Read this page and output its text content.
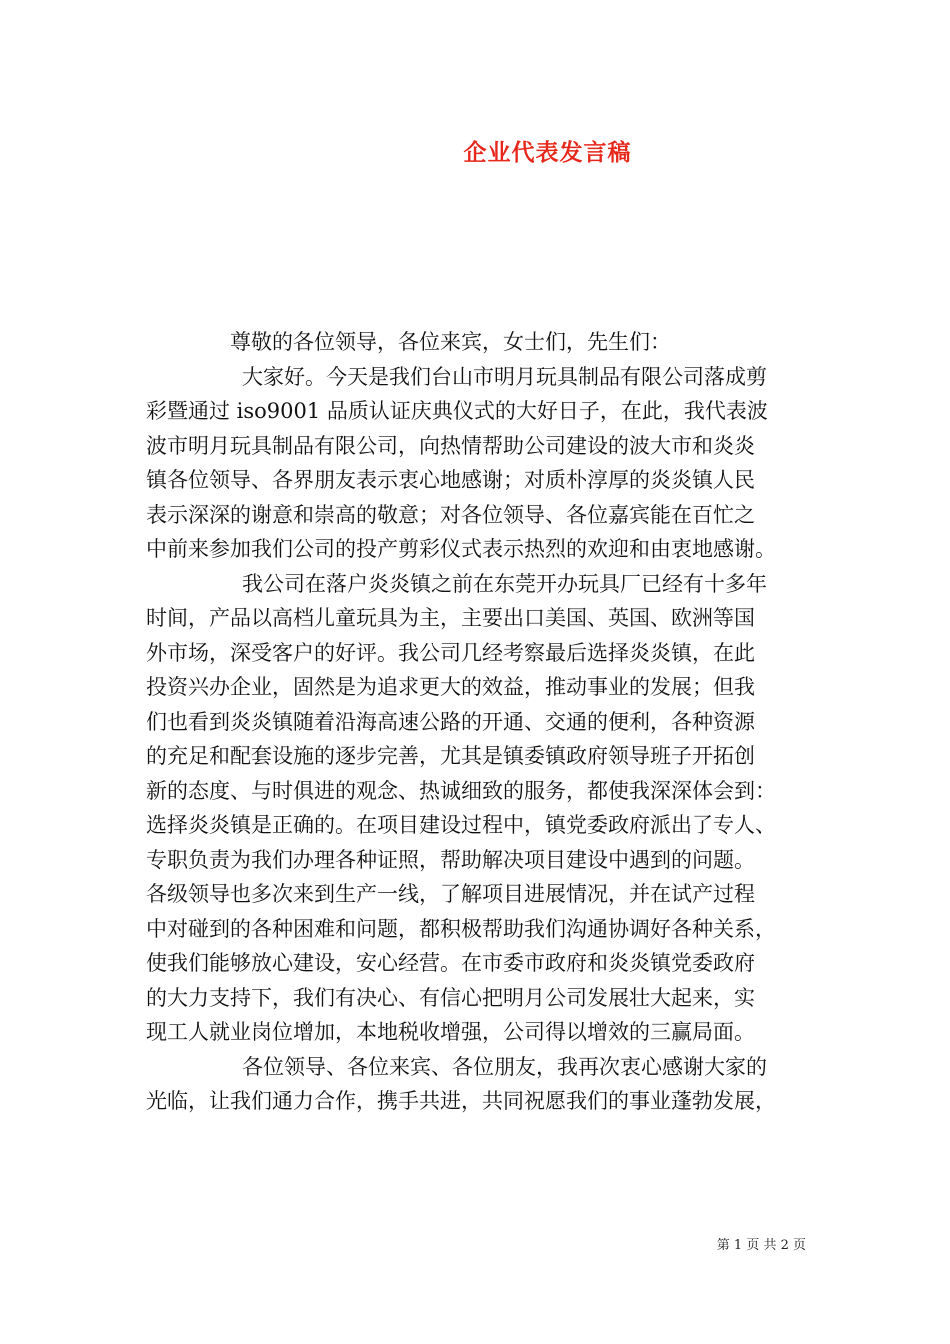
企业代表发言稿
尊敬的各位领导，各位来宾，女士们，先生们：
大家好。今天是我们台山市明月玩具制品有限公司落成剪
彩暨通过 iso9001 品质认证庆典仪式的大好日子，在此，我代表波
波市明月玩具制品有限公司，向热情帮助公司建设的波大市和炎炎
镇各位领导、各界朋友表示衷心地感谢；对质朴淳厚的炎炎镇人民
表示深深的谢意和崇高的敬意；对各位领导、各位嘉宾能在百忙之
中前来参加我们公司的投产剪彩仪式表示热烈的欢迎和由衷地感谢。
我公司在落户炎炎镇之前在东莞开办玩具厂已经有十多年
时间，产品以高档儿童玩具为主，主要出口美国、英国、欧洲等国
外市场，深受客户的好评。我公司几经考察最后选择炎炎镇，在此
投资兴办企业，固然是为追求更大的效益，推动事业的发展；但我
们也看到炎炎镇随着沿海高速公路的开通、交通的便利，各种资源
的充足和配套设施的逐步完善，尤其是镇委镇政府领导班子开拓创
新的态度、与时俱进的观念、热诚细致的服务，都使我深深体会到：
选择炎炎镇是正确的。在项目建设过程中，镇党委政府派出了专人、
专职负责为我们办理各种证照，帮助解决项目建设中遇到的问题。
各级领导也多次来到生产一线，了解项目进展情况，并在试产过程
中对碰到的各种困难和问题，都积极帮助我们沟通协调好各种关系，
使我们能够放心建设，安心经营。在市委市政府和炎炎镇党委政府
的大力支持下，我们有决心、有信心把明月公司发展壮大起来，实
现工人就业岗位增加，本地税收增强，公司得以增效的三赢局面。
各位领导、各位来宾、各位朋友，我再次衷心感谢大家的
光临，让我们通力合作，携手共进，共同祝愿我们的事业蓬勃发展，
第 1 页 共 2 页
